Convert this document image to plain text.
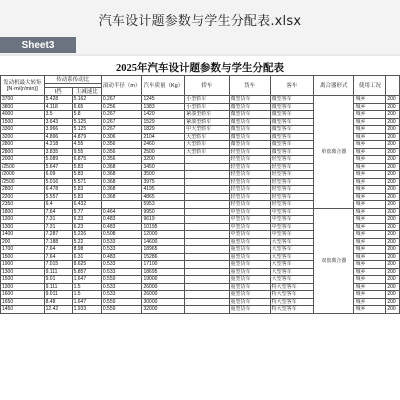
汽车设计题参数与学生分配表.xlsx
Sheet3
2025年汽车设计题参数与学生分配表
发动机最大转矩
[N·m/(r/min)]	传动系传动比		滚动半径（m）	汽车质量（Kg）	轿车	货车	客车	离合器形式	使用工况	

	I挡	主减速比								
3700	5.428	5.162	0.267	1245	小型轿车	微型货车	微型客车	单盘离合器	城乡	200
3800	4.118	6.65	0.256	1383	小型轿车	微型货车	微型客车		城乡	200
4000	3.5	5.8	0.267	1420	紧凑型轿车	微型货车	微型客车		城乡	200
1500	3.643	5.125	0.267	1529	紧凑型轿车	微型货车	微型客车		城乡	200
3300	3.966	5.125	0.267	1829	中大型轿车	微型货车	微型客车		城乡	200
3200	4.896	4.879	0.306	2104	大型轿车	微型货车	微型客车		城乡	200
2800	4.218	4.55	0.356	2460	大型轿车	微型货车	微型客车		城乡	200
2800	3.835	9.55	0.356	2500	大型轿车	轻型货车	微型客车		城乡	200
2000	5.089	6.875	0.356	3200		轻型货车	轻型客车		城乡	200
/2500	5.647	5.83	0.368	3450		轻型货车	轻型客车		城乡	200
/2000	6.09	5.83	0.368	3500		轻型货车	轻型客车		城乡	200
/2500	5.016	5.571	0.368	3975		轻型货车	轻型客车		城乡	200
2800	6.478	5.83	0.368	4195		轻型货车	轻型客车		城乡	200
2200	5.557	5.83	0.368	4865		轻型货车	轻型客车		城乡	200
2350	6.4	6.432		5953		轻型货车	轻型客车		城乡	200
1800	7.64	5.77	0.464	9950		中型货车	中型客车	双盘离合器	城乡	200
1300	7.31	6.33	0.483	9619		中型货车	中型客车		城乡	200
1300	7.31	6.23	0.483	10195		中型货车	中型客车		城乡	200
1400	7.287	5.226	0.508	12000		中型货车	中型客车		城乡	200
200	7.188	5.22	0.533	14600		重型货车	大型客车		城乡	200
1700	7.64	8.98	0.533	18965		重型货车	大型客车		城乡	200
1500	7.64	6.31	0.483	15286		重型货车	大型客车		城乡	200
1900	7.015	8.625	0.533	17100		重型货车	大型客车		城乡	200
1300	9.111	5.857	0.533	18695		重型货车	大型客车		城乡	200
1500	9.01	1.647	0.559	19000		重型货车	大型客车		城乡	200
1300	9.111	1.5	0.533	26000		重型货车	特大型客车		城乡	200
1600	9.011	1.5	0.533	26000		重型货车	特大型客车		城乡	200
1650	8.48	1.647	0.559	30000		重型货车	特大型客车		城乡	200
1450	12.42	1.933	0.559	32000		重型货车	特大型客车		城乡	200
